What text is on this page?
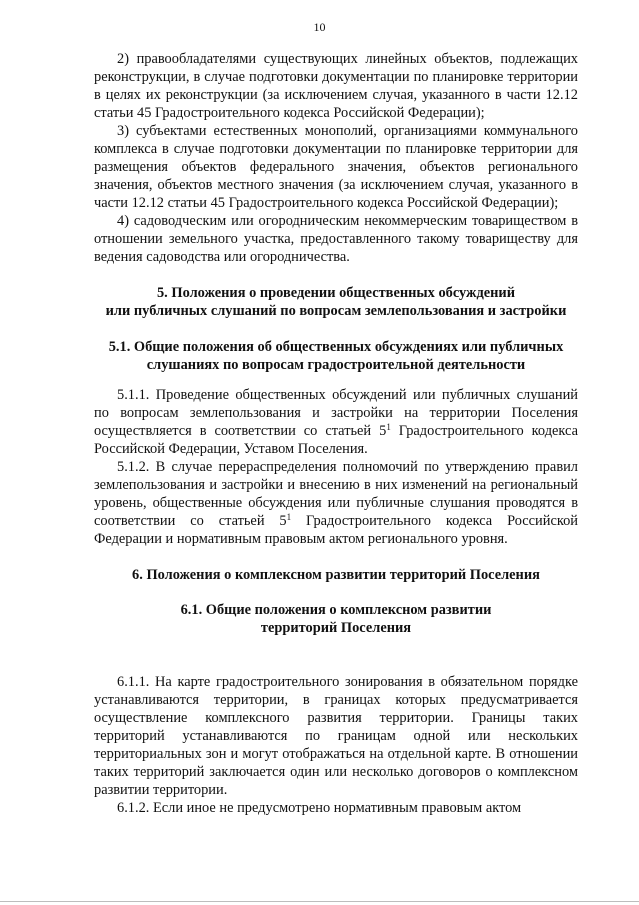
10

2) правообладателями существующих линейных объектов, подлежащих реконструкции, в случае подготовки документации по планировке территории в целях их реконструкции (за исключением случая, указанного в части 12.12 статьи 45 Градостроительного кодекса Российской Федерации);

3) субъектами естественных монополий, организациями коммунального комплекса в случае подготовки документации по планировке территории для размещения объектов федерального значения, объектов регионального значения, объектов местного значения (за исключением случая, указанного в части 12.12 статьи 45 Градостроительного кодекса Российской Федерации);

4) садоводческим или огородническим некоммерческим товариществом в отношении земельного участка, предоставленного такому товариществу для ведения садоводства или огородничества.

5. Положения о проведении общественных обсуждений
или публичных слушаний по вопросам землепользования и застройки
5.1. Общие положения об общественных обсуждениях или публичных
слушаниях по вопросам градостроительной деятельности

5.1.1. Проведение общественных обсуждений или публичных слушаний по вопросам землепользования и застройки на территории Поселения осуществляется в соответствии со статьей $5^1$ Градостроительного кодекса Российской Федерации, Уставом Поселения.

5.1.2. В случае перераспределения полномочий по утверждению правил землепользования и застройки и внесению в них изменений на региональный уровень, общественные обсуждения или публичные слушания проводятся в соответствии со статьей $5^1$ Градостроительного кодекса Российской Федерации и нормативным правовым актом регионального уровня.

6. Положения о комплексном развитии территорий Поселения
6.1. Общие положения о комплексном развитии
территорий Поселения

6.1.1. На карте градостроительного зонирования в обязательном порядке устанавливаются территории, в границах которых предусматривается осуществление комплексного развития территории. Границы таких территорий устанавливаются по границам одной или нескольких территориальных зон и могут отображаться на отдельной карте. В отношении таких территорий заключается один или несколько договоров о комплексном развитии территории.

6.1.2. Если иное не предусмотрено нормативным правовым актом
